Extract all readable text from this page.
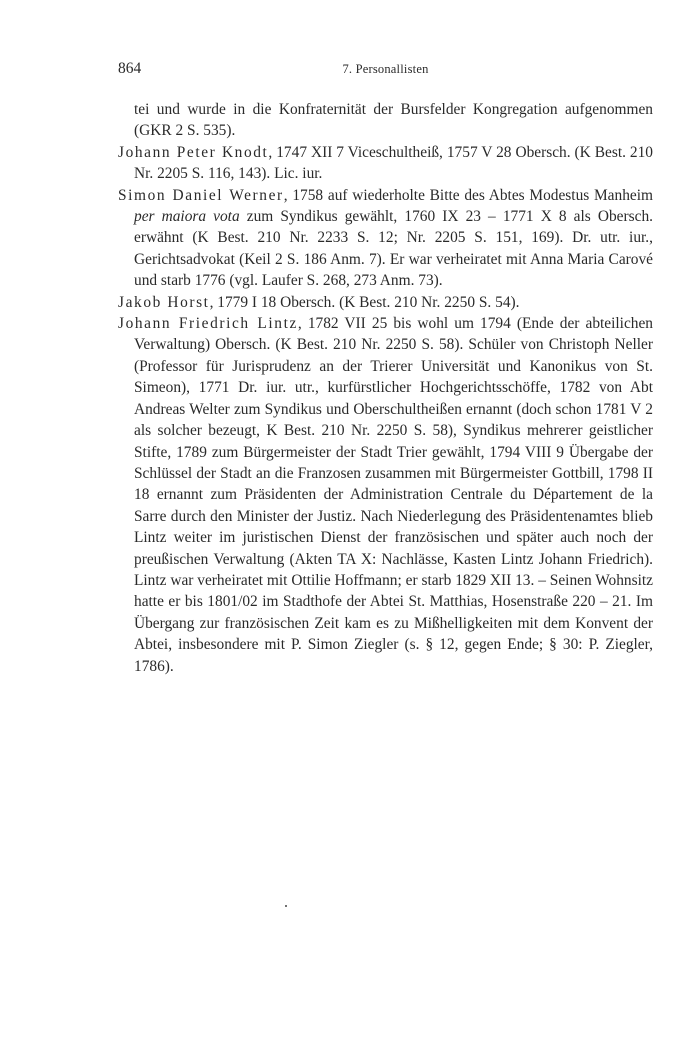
864	7. Personallisten

tei und wurde in die Konfraternität der Bursfelder Kongregation aufgenommen (GKR 2 S. 535).

Johann Peter Knodt, 1747 XII 7 Viceschultheiß, 1757 V 28 Obersch. (K Best. 210 Nr. 2205 S. 116, 143). Lic. iur.

Simon Daniel Werner, 1758 auf wiederholte Bitte des Abtes Modestus Manheim per maiora vota zum Syndikus gewählt, 1760 IX 23 – 1771 X 8 als Obersch. erwähnt (K Best. 210 Nr. 2233 S. 12; Nr. 2205 S. 151, 169). Dr. utr. iur., Gerichtsadvokat (Keil 2 S. 186 Anm. 7). Er war verheiratet mit Anna Maria Carové und starb 1776 (vgl. Laufer S. 268, 273 Anm. 73).

Jakob Horst, 1779 I 18 Obersch. (K Best. 210 Nr. 2250 S. 54).

Johann Friedrich Lintz, 1782 VII 25 bis wohl um 1794 (Ende der abteilichen Verwaltung) Obersch. (K Best. 210 Nr. 2250 S. 58). Schüler von Christoph Neller (Professor für Jurisprudenz an der Trierer Universität und Kanonikus von St. Simeon), 1771 Dr. iur. utr., kurfürstlicher Hochgerichtsschöffe, 1782 von Abt Andreas Welter zum Syndikus und Oberschultheißen ernannt (doch schon 1781 V 2 als solcher bezeugt, K Best. 210 Nr. 2250 S. 58), Syndikus mehrerer geistlicher Stifte, 1789 zum Bürgermeister der Stadt Trier gewählt, 1794 VIII 9 Übergabe der Schlüssel der Stadt an die Franzosen zusammen mit Bürgermeister Gottbill, 1798 II 18 ernannt zum Präsidenten der Administration Centrale du Département de la Sarre durch den Minister der Justiz. Nach Niederlegung des Präsidentenamtes blieb Lintz weiter im juristischen Dienst der französischen und später auch noch der preußischen Verwaltung (Akten TA X: Nachlässe, Kasten Lintz Johann Friedrich). Lintz war verheiratet mit Ottilie Hoffmann; er starb 1829 XII 13. – Seinen Wohnsitz hatte er bis 1801/02 im Stadthofe der Abtei St. Matthias, Hosenstraße 220 – 21. Im Übergang zur französischen Zeit kam es zu Mißhelligkeiten mit dem Konvent der Abtei, insbesondere mit P. Simon Ziegler (s. § 12, gegen Ende; § 30: P. Ziegler, 1786).
